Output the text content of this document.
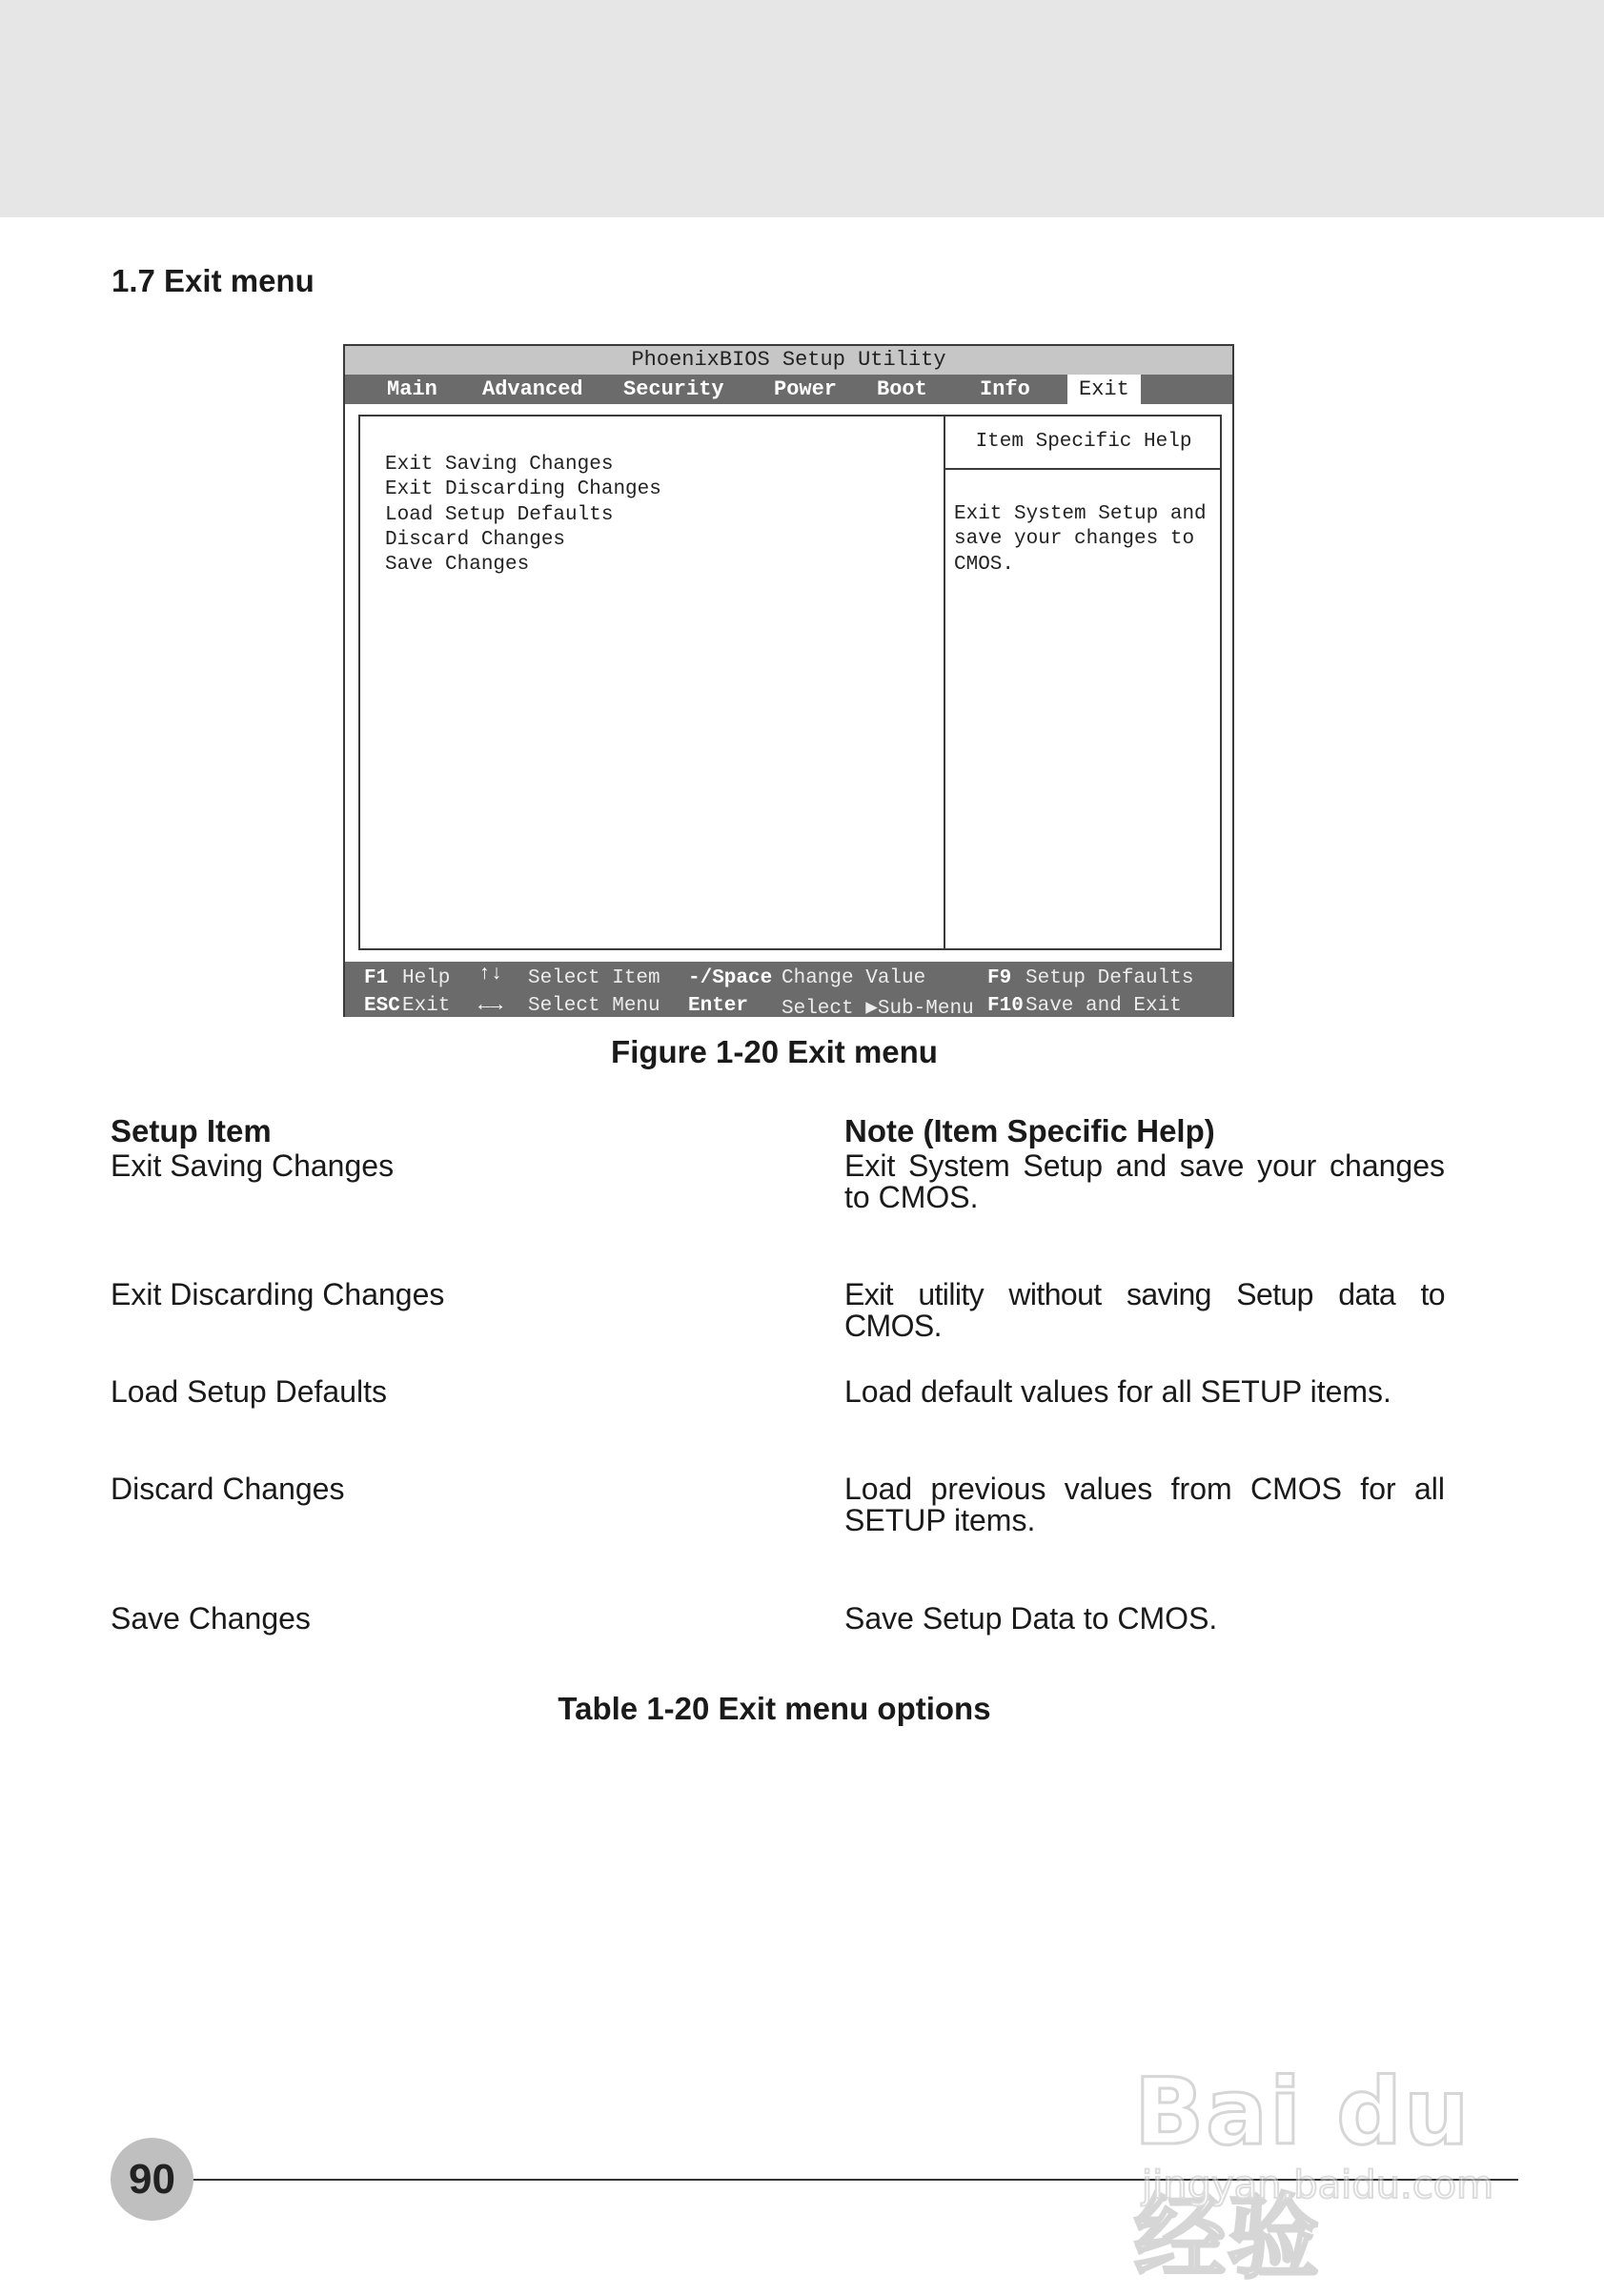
1.7 Exit menu
PhoenixBIOS Setup Utility
Main Advanced Security Power Boot	Info	Exit
Exit Saving Changes
Exit Discarding Changes
Load Setup Defaults
Discard Changes
Save Changes
Item Specific Help
Exit System Setup and
save your changes to
CMOS.
F1 Help ↑↓ Select Item -/Space Change Value	F9 Setup Defaults
ESC Exit ←→ Select Menu Enter Select ▶Sub-Menu F10 Save and Exit
Figure 1-20 Exit menu
Setup Item	Note (Item Specific Help)
Exit Saving Changes	Exit System Setup and save your changes to CMOS.
Exit Discarding Changes	Exit utility without saving Setup data to CMOS.
Load Setup Defaults	Load default values for all SETUP items.
Discard Changes	Load previous values from CMOS for all SETUP items.
Save Changes	Save Setup Data to CMOS.
Table 1-20 Exit menu options
90
Bai du 经验
jingyan.baidu.com
